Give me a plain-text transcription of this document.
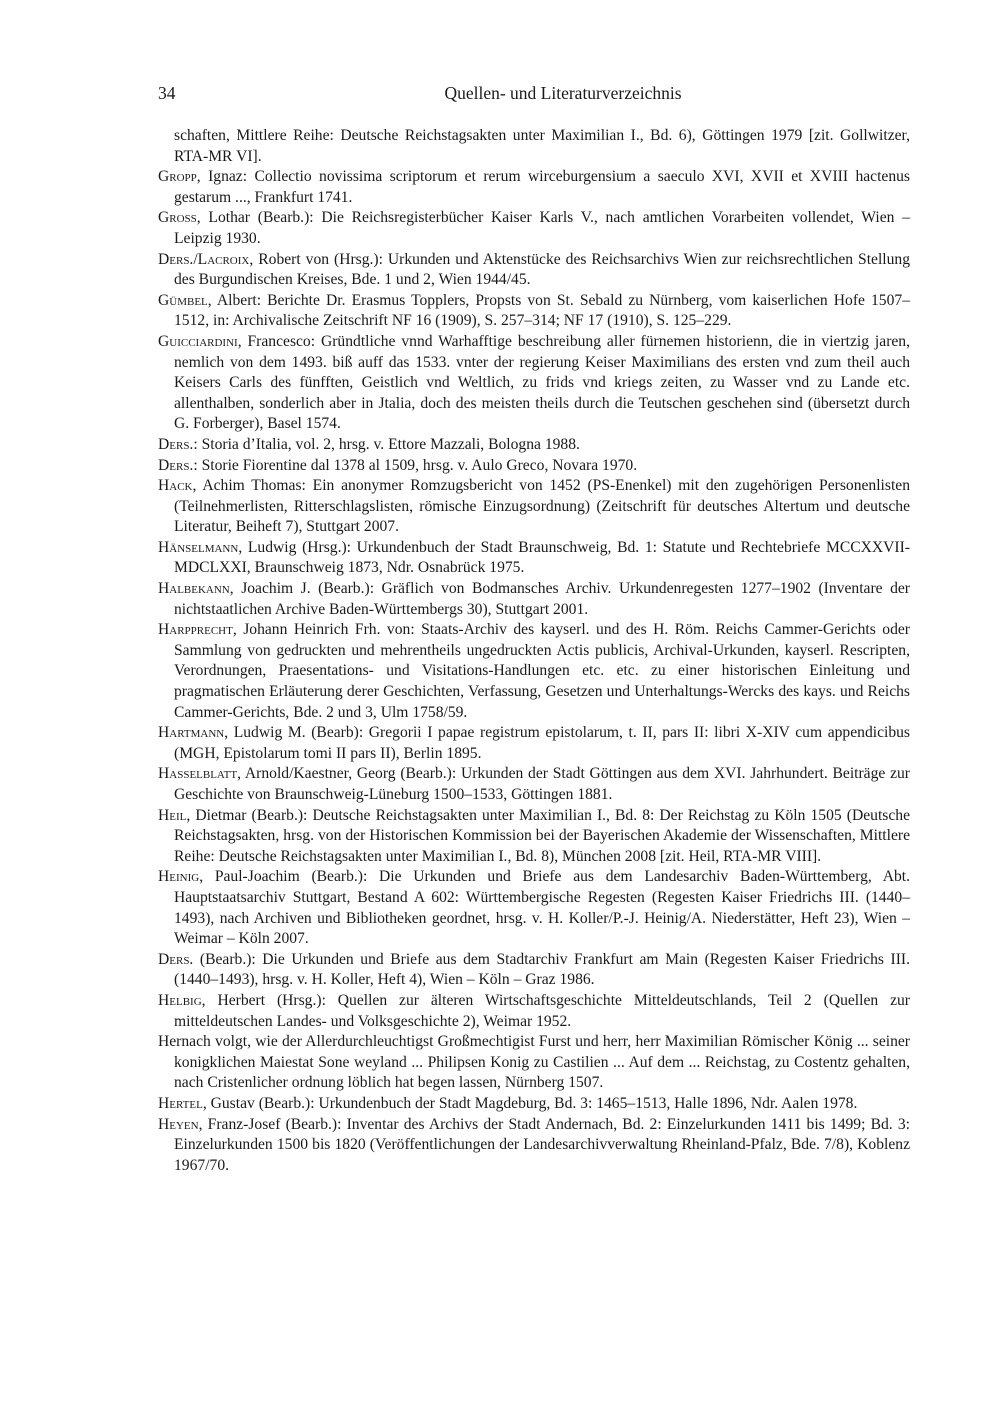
34	Quellen- und Literaturverzeichnis

schaften, Mittlere Reihe: Deutsche Reichstagsakten unter Maximilian I., Bd. 6), Göttingen 1979 [zit. Gollwitzer, RTA-MR VI].

Gropp, Ignaz: Collectio novissima scriptorum et rerum wirceburgensium a saeculo XVI, XVII et XVIII hactenus gestarum ..., Frankfurt 1741.

Gross, Lothar (Bearb.): Die Reichsregisterbücher Kaiser Karls V., nach amtlichen Vorarbeiten vollendet, Wien – Leipzig 1930.

Ders./Lacroix, Robert von (Hrsg.): Urkunden und Aktenstücke des Reichsarchivs Wien zur reichsrechtlichen Stellung des Burgundischen Kreises, Bde. 1 und 2, Wien 1944/45.

Gümbel, Albert: Berichte Dr. Erasmus Topplers, Propsts von St. Sebald zu Nürnberg, vom kaiserlichen Hofe 1507–1512, in: Archivalische Zeitschrift NF 16 (1909), S. 257–314; NF 17 (1910), S. 125–229.

Guicciardini, Francesco: Gründtliche vnnd Warhafftige beschreibung aller fürnemen historienn, die in viertzig jaren, nemlich von dem 1493. biß auff das 1533. vnter der regierung Keiser Maximilians des ersten vnd zum theil auch Keisers Carls des fünfften, Geistlich vnd Weltlich, zu frids vnd kriegs zeiten, zu Wasser vnd zu Lande etc. allenthalben, sonderlich aber in Jtalia, doch des meisten theils durch die Teutschen geschehen sind (übersetzt durch G. Forberger), Basel 1574.

Ders.: Storia d’Italia, vol. 2, hrsg. v. Ettore Mazzali, Bologna 1988.

Ders.: Storie Fiorentine dal 1378 al 1509, hrsg. v. Aulo Greco, Novara 1970.

Hack, Achim Thomas: Ein anonymer Romzugsbericht von 1452 (PS-Enenkel) mit den zugehörigen Personenlisten (Teilnehmerlisten, Ritterschlagslisten, römische Einzugsordnung) (Zeitschrift für deutsches Altertum und deutsche Literatur, Beiheft 7), Stuttgart 2007.

Hänselmann, Ludwig (Hrsg.): Urkundenbuch der Stadt Braunschweig, Bd. 1: Statute und Rechtebriefe MCCXXVII-MDCLXXI, Braunschweig 1873, Ndr. Osnabrück 1975.

Halbekann, Joachim J. (Bearb.): Gräflich von Bodmansches Archiv. Urkundenregesten 1277–1902 (Inventare der nichtstaatlichen Archive Baden-Württembergs 30), Stuttgart 2001.

Harpprecht, Johann Heinrich Frh. von: Staats-Archiv des kayserl. und des H. Röm. Reichs Cammer-Gerichts oder Sammlung von gedruckten und mehrentheils ungedruckten Actis publicis, Archival-Urkunden, kayserl. Rescripten, Verordnungen, Praesentations- und Visitations-Handlungen etc. etc. zu einer historischen Einleitung und pragmatischen Erläuterung derer Geschichten, Verfassung, Gesetzen und Unterhaltungs-Wercks des kays. und Reichs Cammer-Gerichts, Bde. 2 und 3, Ulm 1758/59.

Hartmann, Ludwig M. (Bearb): Gregorii I papae registrum epistolarum, t. II, pars II: libri X-XIV cum appendicibus (MGH, Epistolarum tomi II pars II), Berlin 1895.

Hasselblatt, Arnold/Kaestner, Georg (Bearb.): Urkunden der Stadt Göttingen aus dem XVI. Jahrhundert. Beiträge zur Geschichte von Braunschweig-Lüneburg 1500–1533, Göttingen 1881.

Heil, Dietmar (Bearb.): Deutsche Reichstagsakten unter Maximilian I., Bd. 8: Der Reichstag zu Köln 1505 (Deutsche Reichstagsakten, hrsg. von der Historischen Kommission bei der Bayerischen Akademie der Wissenschaften, Mittlere Reihe: Deutsche Reichstagsakten unter Maximilian I., Bd. 8), München 2008 [zit. Heil, RTA-MR VIII].

Heinig, Paul-Joachim (Bearb.): Die Urkunden und Briefe aus dem Landesarchiv Baden-Württemberg, Abt. Hauptstaatsarchiv Stuttgart, Bestand A 602: Württembergische Regesten (Regesten Kaiser Friedrichs III. (1440–1493), nach Archiven und Bibliotheken geordnet, hrsg. v. H. Koller/P.-J. Heinig/A. Niederstätter, Heft 23), Wien – Weimar – Köln 2007.

Ders. (Bearb.): Die Urkunden und Briefe aus dem Stadtarchiv Frankfurt am Main (Regesten Kaiser Friedrichs III. (1440–1493), hrsg. v. H. Koller, Heft 4), Wien – Köln – Graz 1986.

Helbig, Herbert (Hrsg.): Quellen zur älteren Wirtschaftsgeschichte Mitteldeutschlands, Teil 2 (Quellen zur mitteldeutschen Landes- und Volksgeschichte 2), Weimar 1952.

Hernach volgt, wie der Allerdurchleuchtigst Großmechtigist Furst und herr, herr Maximilian Römischer König ... seiner konigklichen Maiestat Sone weyland ... Philipsen Konig zu Castilien ... Auf dem ... Reichstag, zu Costentz gehalten, nach Cristenlicher ordnung löblich hat begen lassen, Nürnberg 1507.

Hertel, Gustav (Bearb.): Urkundenbuch der Stadt Magdeburg, Bd. 3: 1465–1513, Halle 1896, Ndr. Aalen 1978.

Heyen, Franz-Josef (Bearb.): Inventar des Archivs der Stadt Andernach, Bd. 2: Einzelurkunden 1411 bis 1499; Bd. 3: Einzelurkunden 1500 bis 1820 (Veröffentlichungen der Landesarchivverwaltung Rheinland-Pfalz, Bde. 7/8), Koblenz 1967/70.
